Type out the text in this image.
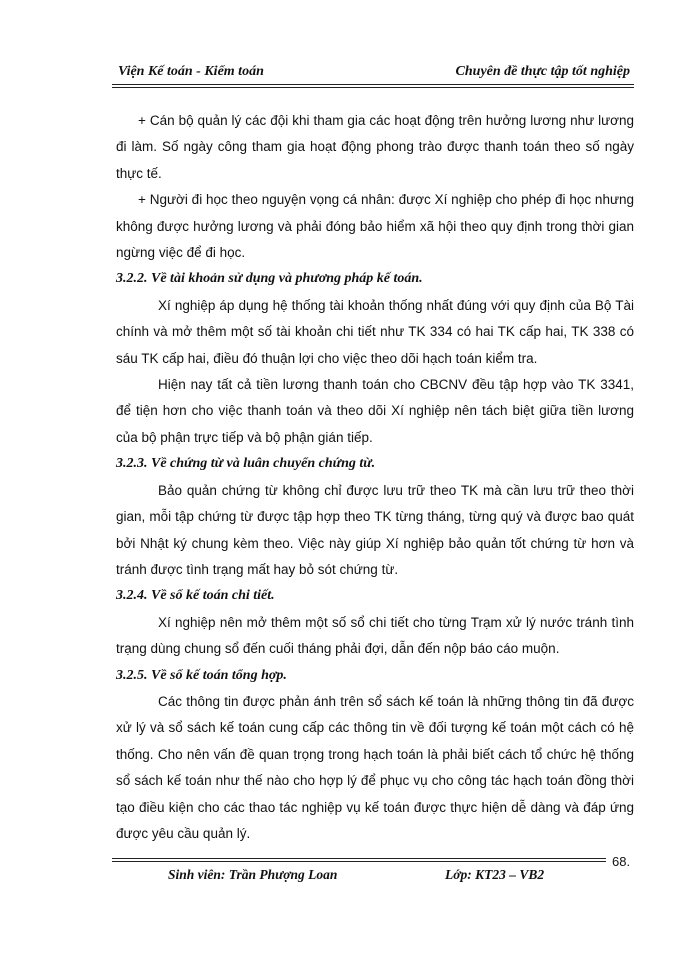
Viện Kế toán - Kiểm toán	Chuyên đề thực tập tốt nghiệp

+ Cán bộ quản lý các đội khi tham gia các hoạt động trên hưởng lương như lương đi làm. Số ngày công tham gia hoạt động phong trào được thanh toán theo số ngày thực tế.

+ Người đi học theo nguyện vọng cá nhân: được Xí nghiệp cho phép đi học nhưng không được hưởng lương và phải đóng bảo hiểm xã hội theo quy định trong thời gian ngừng việc để đi học.

3.2.2. Về tài khoản sử dụng và phương pháp kế toán.

Xí nghiệp áp dụng hệ thống tài khoản thống nhất đúng với quy định của Bộ Tài chính và mở thêm một số tài khoản chi tiết như TK 334 có hai TK cấp hai, TK 338 có sáu TK cấp hai, điều đó thuận lợi cho việc theo dõi hạch toán kiểm tra.

Hiện nay tất cả tiền lương thanh toán cho CBCNV đều tập hợp vào TK 3341, để tiện hơn cho việc thanh toán và theo dõi Xí nghiệp nên tách biệt giữa tiền lương của bộ phận trực tiếp và bộ phận gián tiếp.

3.2.3. Về chứng từ và luân chuyển chứng từ.

Bảo quản chứng từ không chỉ được lưu trữ theo TK mà cần lưu trữ theo thời gian, mỗi tập chứng từ được tập hợp theo TK từng tháng, từng quý và được bao quát bởi Nhật ký chung kèm theo. Việc này giúp Xí nghiệp bảo quản tốt chứng từ hơn và tránh được tình trạng mất hay bỏ sót chứng từ.

3.2.4. Về sổ kế toán chi tiết.

Xí nghiệp nên mở thêm một số sổ chi tiết cho từng Trạm xử lý nước tránh tình trạng dùng chung sổ đến cuối tháng phải đợi, dẫn đến nộp báo cáo muộn.

3.2.5. Về sổ kế toán tổng hợp.

Các thông tin được phản ánh trên sổ sách kế toán là những thông tin đã được xử lý và sổ sách kế toán cung cấp các thông tin về đối tượng kế toán một cách có hệ thống. Cho nên vấn đề quan trọng trong hạch toán là phải biết cách tổ chức hệ thống sổ sách kế toán như thế nào cho hợp lý để phục vụ cho công tác hạch toán đồng thời tạo điều kiện cho các thao tác nghiệp vụ kế toán được thực hiện dễ dàng và đáp ứng được yêu cầu quản lý.

Sinh viên: Trần Phượng Loan	Lớp: KT23 – VB2
68.
